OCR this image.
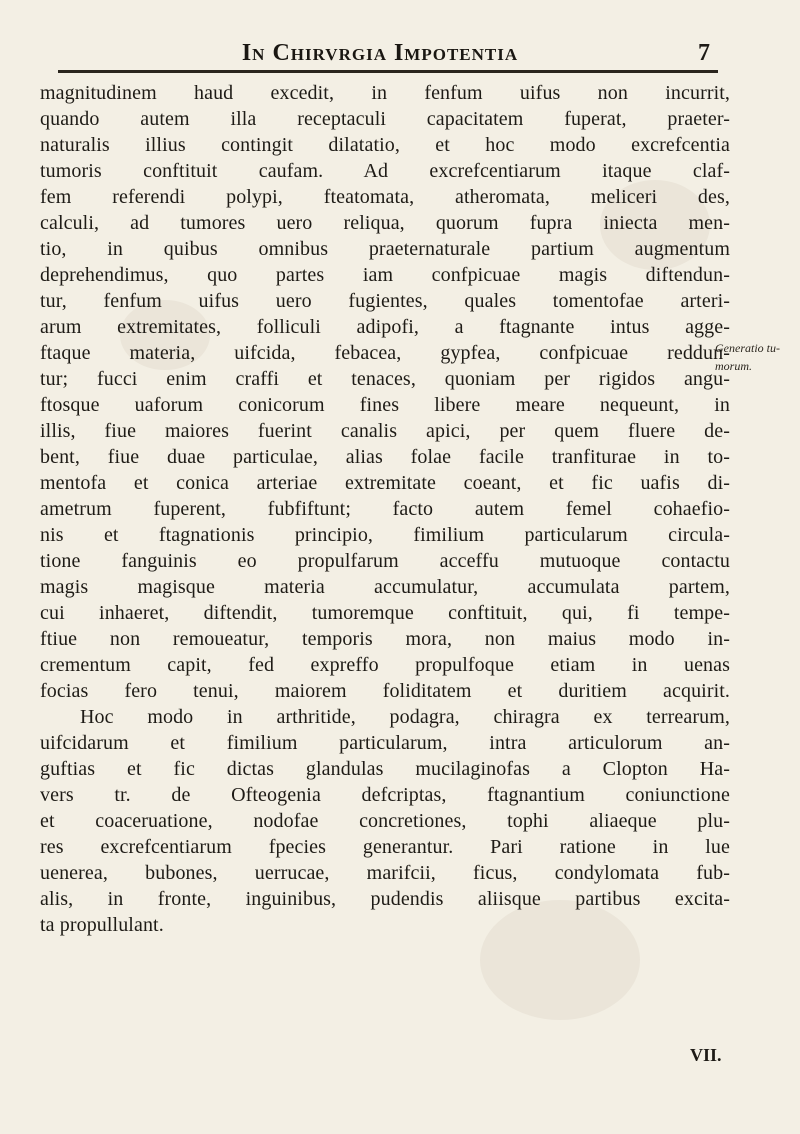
In Chirvrgia Impotentia	7
magnitudinem haud excedit, in fenfum uifus non incurrit,
quando autem illa receptaculi capacitatem fuperat, praeter-
naturalis illius contingit dilatatio, et hoc modo excrefcentia
tumoris conftituit caufam. Ad excrefcentiarum itaque claf-
fem referendi polypi, fteatomata, atheromata, meliceri des,
calculi, ad tumores uero reliqua, quorum fupra iniecta men-
tio, in quibus omnibus praeternaturale partium augmentum
deprehendimus, quo partes iam confpicuae magis diftendun-
tur, fenfum uifus uero fugientes, quales tomentofae arteri-
arum extremitates, folliculi adipofi, a ftagnante intus agge-
ftaque materia, uifcida, febacea, gypfea, confpicuae reddun-
tur; fucci enim craffi et tenaces, quoniam per rigidos angu-
ftosque uaforum conicorum fines libere meare nequeunt, in
illis, fiue maiores fuerint canalis apici, per quem fluere de-
bent, fiue duae particulae, alias folae facile tranfiturae in to-
mentofa et conica arteriae extremitate coeant, et fic uafis di-
ametrum fuperent, fubfiftunt; facto autem femel cohaefio-
nis et ftagnationis principio, fimilium particularum circula-
tione fanguinis eo propulfarum acceffu mutuoque contactu
magis magisque materia accumulatur, accumulata partem,
cui inhaeret, diftendit, tumoremque conftituit, qui, fi tempe-
ftiue non remoueatur, temporis mora, non maius modo in-
crementum capit, fed expreffo propulfoque etiam in uenas
focias fero tenui, maiorem foliditatem et duritiem acquirit.
Hoc modo in arthritide, podagra, chiragra ex terrearum,
uifcidarum et fimilium particularum, intra articulorum an-
guftias et fic dictas glandulas mucilaginofas a Clopton Ha-
vers tr. de Ofteogenia defcriptas, ftagnantium coniunctione
et coaceruatione, nodofae concretiones, tophi aliaeque plu-
res excrefcentiarum fpecies generantur. Pari ratione in lue
uenerea, bubones, uerrucae, marifcii, ficus, condylomata fub-
alis, in fronte, inguinibus, pudendis aliisque partibus excita-
ta propullulant.
Generatio tu-morum.
VII.
